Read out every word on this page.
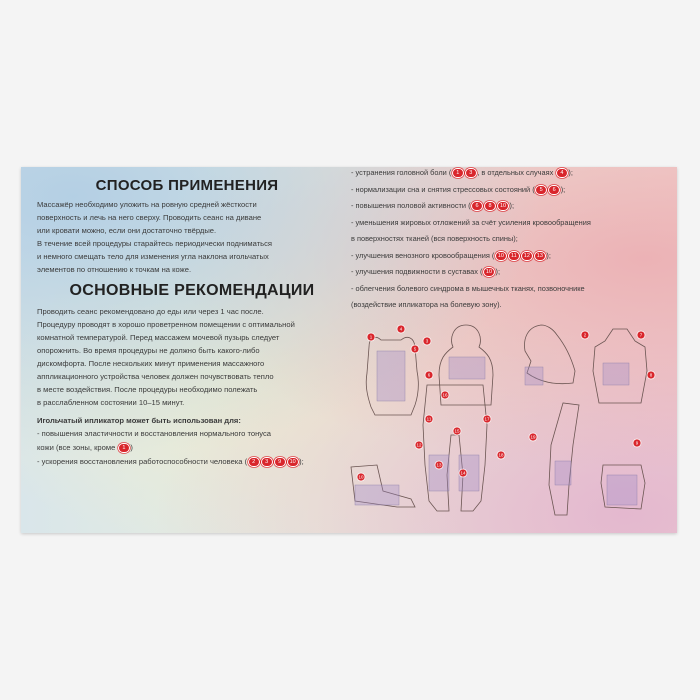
СПОСОБ ПРИМЕНЕНИЯ

Массажёр необходимо уложить на ровную средней жёсткости

поверхность и лечь на него сверху. Проводить сеанс на диване

или кровати можно, если они достаточно твёрдые.

В течение всей процедуры старайтесь периодически подниматься

и немного смещать тело для изменения угла наклона игольчатых

элементов по отношению к точкам на коже.

ОСНОВНЫЕ РЕКОМЕНДАЦИИ

Проводить сеанс рекомендовано до еды или через 1 час после.

Процедуру проводят в хорошо проветренном помещении с оптимальной

комнатной температурой. Перед массажем мочевой пузырь следует

опорожнить. Во время процедуры не должно быть какого-либо

дискомфорта. После нескольких минут применения массажного

аппликационного устройства человек должен почувствовать тепло

в месте воздействия. После процедуры необходимо полежать

в расслабленном состоянии 10–15 минут.

Игольчатый ипликатор может быть использован для:

- повышения эластичности и восстановления нормального тонуса

кожи (все зоны, кроме 1 )

- ускорения восстановления работоспособности человека ( 2 3 9 10 );

- устранения головной боли ( 1 3 , в отдельных случаях 4 );
- нормализации сна и снятия стрессовых состояний ( 5 6 );
- повышения половой активности ( 6 8 10 );
- уменьшения жировых отложений за счёт усиления кровообращения
в поверхностях тканей (вся поверхность спины);
- улучшения венозного кровообращения ( 10 11 12 13 );
- улучшения подвижности в суставах ( 10 );
- облегчения болевого синдрома в мышечных тканях, позвоночнике
(воздействие ипликатора на болевую зону).
1	2
3
4
5
6
7
8
9
10
11
12
13
14
15
16
17
18
19
